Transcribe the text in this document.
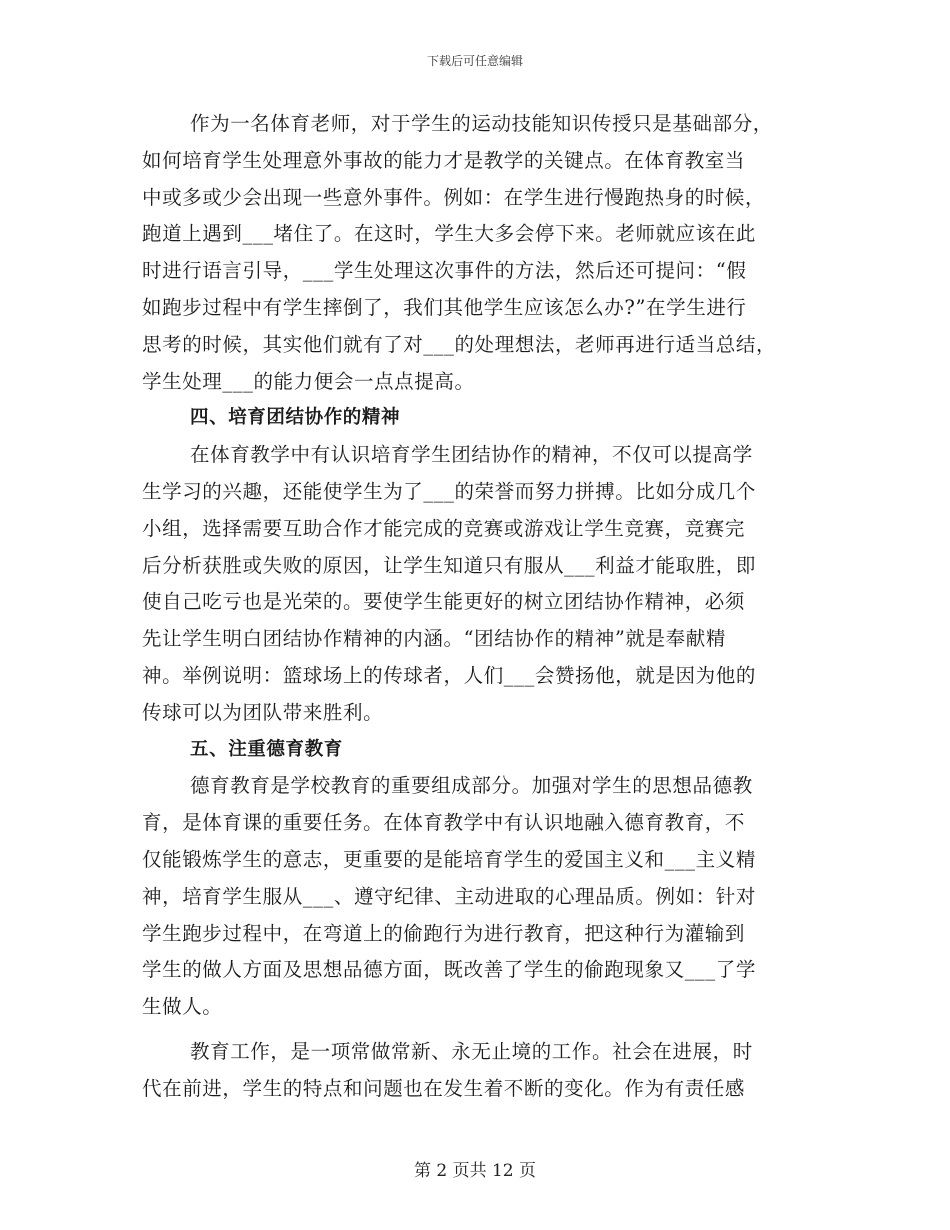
下载后可任意编辑
作为一名体育老师，对于学生的运动技能知识传授只是基础部分，
如何培育学生处理意外事故的能力才是教学的关键点。在体育教室当
中或多或少会出现一些意外事件。例如：在学生进行慢跑热身的时候，
跑道上遇到___堵住了。在这时，学生大多会停下来。老师就应该在此
时进行语言引导，___学生处理这次事件的方法，然后还可提问：“假
如跑步过程中有学生摔倒了，我们其他学生应该怎么办?”在学生进行
思考的时候，其实他们就有了对___的处理想法，老师再进行适当总结，
学生处理___的能力便会一点点提高。
四、培育团结协作的精神
在体育教学中有认识培育学生团结协作的精神，不仅可以提高学
生学习的兴趣，还能使学生为了___的荣誉而努力拼搏。比如分成几个
小组，选择需要互助合作才能完成的竞赛或游戏让学生竞赛，竞赛完
后分析获胜或失败的原因，让学生知道只有服从___利益才能取胜，即
使自己吃亏也是光荣的。要使学生能更好的树立团结协作精神，必须
先让学生明白团结协作精神的内涵。“团结协作的精神”就是奉献精
神。举例说明：篮球场上的传球者，人们___会赞扬他，就是因为他的
传球可以为团队带来胜利。
五、注重德育教育
德育教育是学校教育的重要组成部分。加强对学生的思想品德教
育，是体育课的重要任务。在体育教学中有认识地融入德育教育，不
仅能锻炼学生的意志，更重要的是能培育学生的爱国主义和___主义精
神，培育学生服从___、遵守纪律、主动进取的心理品质。例如：针对
学生跑步过程中，在弯道上的偷跑行为进行教育，把这种行为灌输到
学生的做人方面及思想品德方面，既改善了学生的偷跑现象又___了学
生做人。
教育工作，是一项常做常新、永无止境的工作。社会在进展，时
代在前进，学生的特点和问题也在发生着不断的变化。作为有责任感
第 2 页共 12 页
